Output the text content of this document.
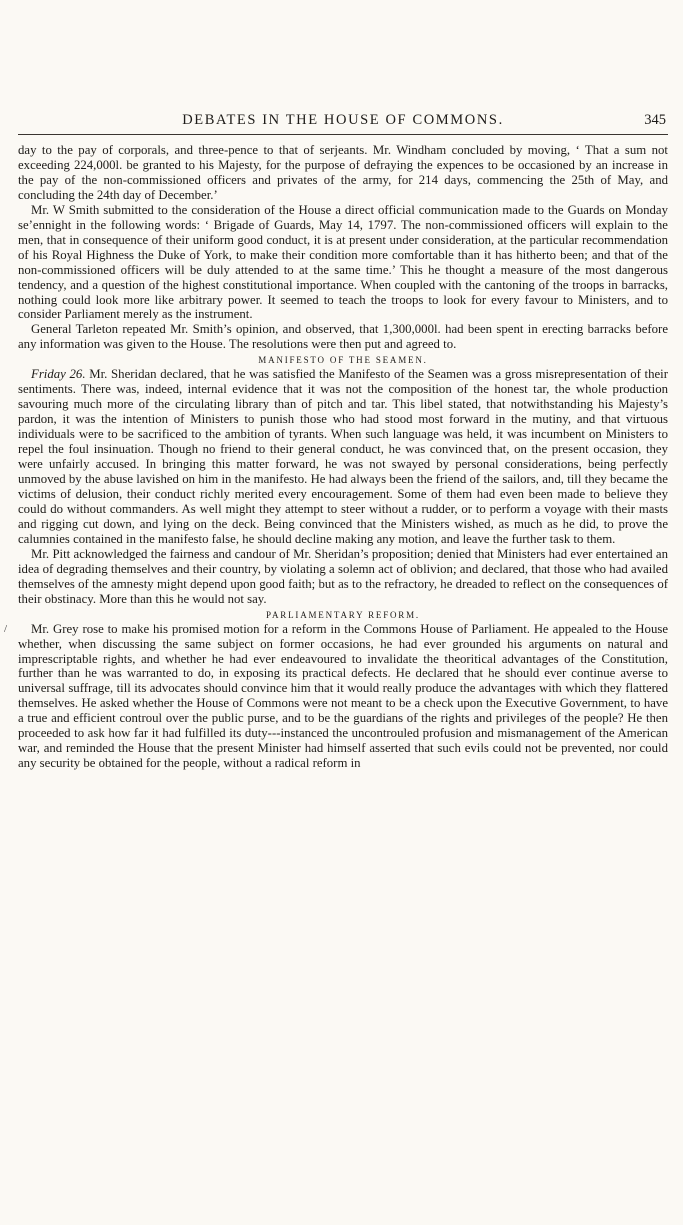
DEBATES IN THE HOUSE OF COMMONS.	345
/

day to the pay of corporals, and three-pence to that of serjeants. Mr. Windham concluded by moving, ‘ That a sum not exceeding 224,000l. be granted to his Majesty, for the purpose of defraying the expences to be occasioned by an increase in the pay of the non-commissioned officers and privates of the army, for 214 days, commencing the 25th of May, and concluding the 24th day of December.’

Mr. W Smith submitted to the consideration of the House a direct official communication made to the Guards on Monday se’ennight in the following words: ‘ Brigade of Guards, May 14, 1797. The non-commissioned officers will explain to the men, that in consequence of their uniform good conduct, it is at present under consideration, at the particular recommendation of his Royal Highness the Duke of York, to make their condition more comfortable than it has hitherto been; and that of the non-commissioned officers will be duly attended to at the same time.’ This he thought a measure of the most dangerous tendency, and a question of the highest constitutional importance. When coupled with the cantoning of the troops in barracks, nothing could look more like arbitrary power. It seemed to teach the troops to look for every favour to Ministers, and to consider Parliament merely as the instrument.

General Tarleton repeated Mr. Smith’s opinion, and observed, that 1,300,000l. had been spent in erecting barracks before any information was given to the House. The resolutions were then put and agreed to.

MANIFESTO OF THE SEAMEN.

Friday 26. Mr. Sheridan declared, that he was satisfied the Manifesto of the Seamen was a gross misrepresentation of their sentiments. There was, indeed, internal evidence that it was not the composition of the honest tar, the whole production savouring much more of the circulating library than of pitch and tar. This libel stated, that notwithstanding his Majesty’s pardon, it was the intention of Ministers to punish those who had stood most forward in the mutiny, and that virtuous individuals were to be sacrificed to the ambition of tyrants. When such language was held, it was incumbent on Ministers to repel the foul insinuation. Though no friend to their general conduct, he was convinced that, on the present occasion, they were unfairly accused. In bringing this matter forward, he was not swayed by personal considerations, being perfectly unmoved by the abuse lavished on him in the manifesto. He had always been the friend of the sailors, and, till they became the victims of delusion, their conduct richly merited every encouragement. Some of them had even been made to believe they could do without commanders. As well might they attempt to steer without a rudder, or to perform a voyage with their masts and rigging cut down, and lying on the deck. Being convinced that the Ministers wished, as much as he did, to prove the calumnies contained in the manifesto false, he should decline making any motion, and leave the further task to them.

Mr. Pitt acknowledged the fairness and candour of Mr. Sheridan’s proposition; denied that Ministers had ever entertained an idea of degrading themselves and their country, by violating a solemn act of oblivion; and declared, that those who had availed themselves of the amnesty might depend upon good faith; but as to the refractory, he dreaded to reflect on the consequences of their obstinacy. More than this he would not say.

PARLIAMENTARY REFORM.

Mr. Grey rose to make his promised motion for a reform in the Commons House of Parliament. He appealed to the House whether, when discussing the same subject on former occasions, he had ever grounded his arguments on natural and imprescriptable rights, and whether he had ever endeavoured to invalidate the theoritical advantages of the Constitution, further than he was warranted to do, in exposing its practical defects. He declared that he should ever continue averse to universal suffrage, till its advocates should convince him that it would really produce the advantages with which they flattered themselves. He asked whether the House of Commons were not meant to be a check upon the Executive Government, to have a true and efficient controul over the public purse, and to be the guardians of the rights and privileges of the people? He then proceeded to ask how far it had fulfilled its duty---instanced the uncontrouled profusion and mismanagement of the American war, and reminded the House that the present Minister had himself asserted that such evils could not be prevented, nor could any security be obtained for the people, without a radical reform in
